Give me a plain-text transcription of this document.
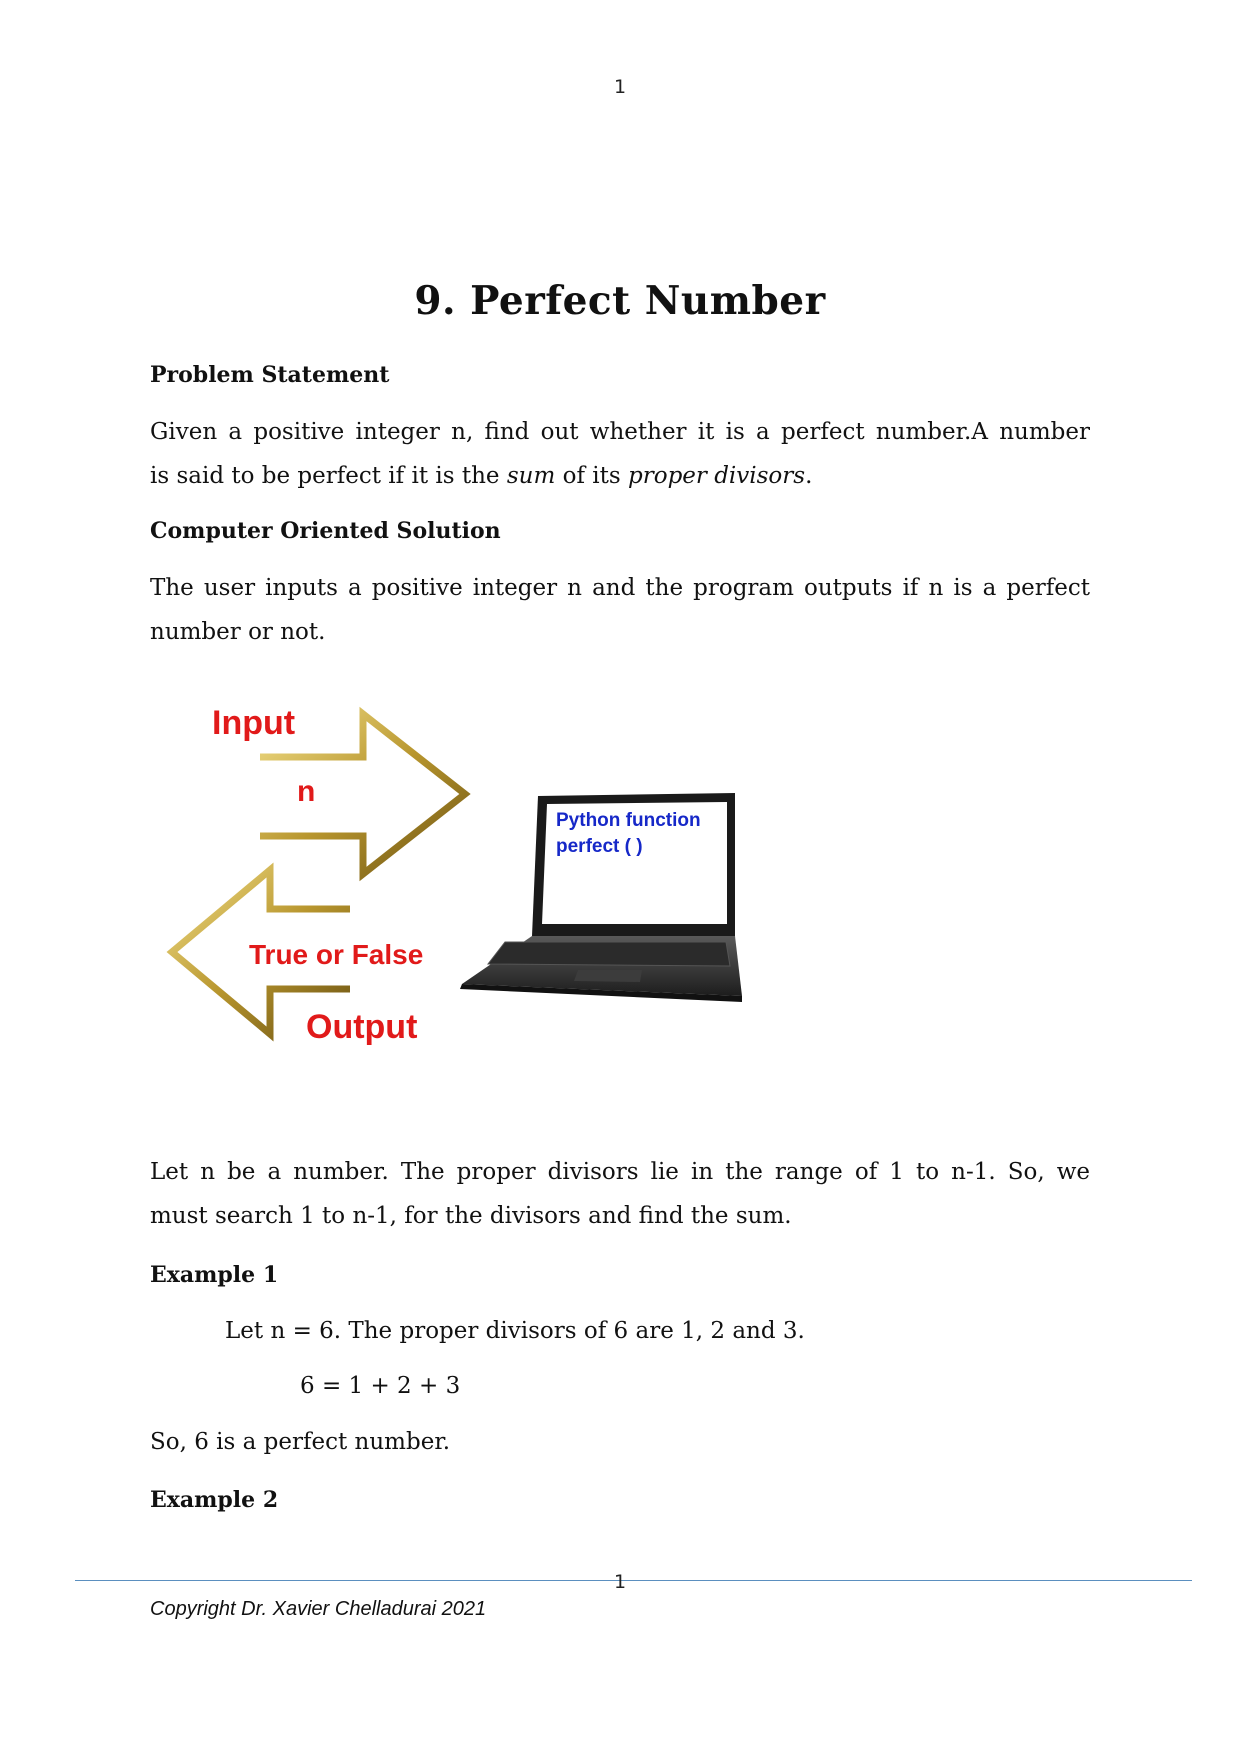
1
9. Perfect Number
Problem Statement
Given a positive integer n, find out whether it is a perfect number.A number
is said to be perfect if it is the sum of its proper divisors.
Computer Oriented Solution
The user inputs a positive integer n and the program outputs if n is a perfect
number or not.
Input
n
True or False
Output
Python function
perfect ( )
Let n be a number. The proper divisors lie in the range of 1 to n-1. So, we
must search 1 to n-1, for the divisors and find the sum.
Example 1
Let n = 6. The proper divisors of 6 are 1, 2 and 3.
6 = 1 + 2 + 3
So, 6 is a perfect number.
Example 2
1
Copyright Dr. Xavier Chelladurai 2021
